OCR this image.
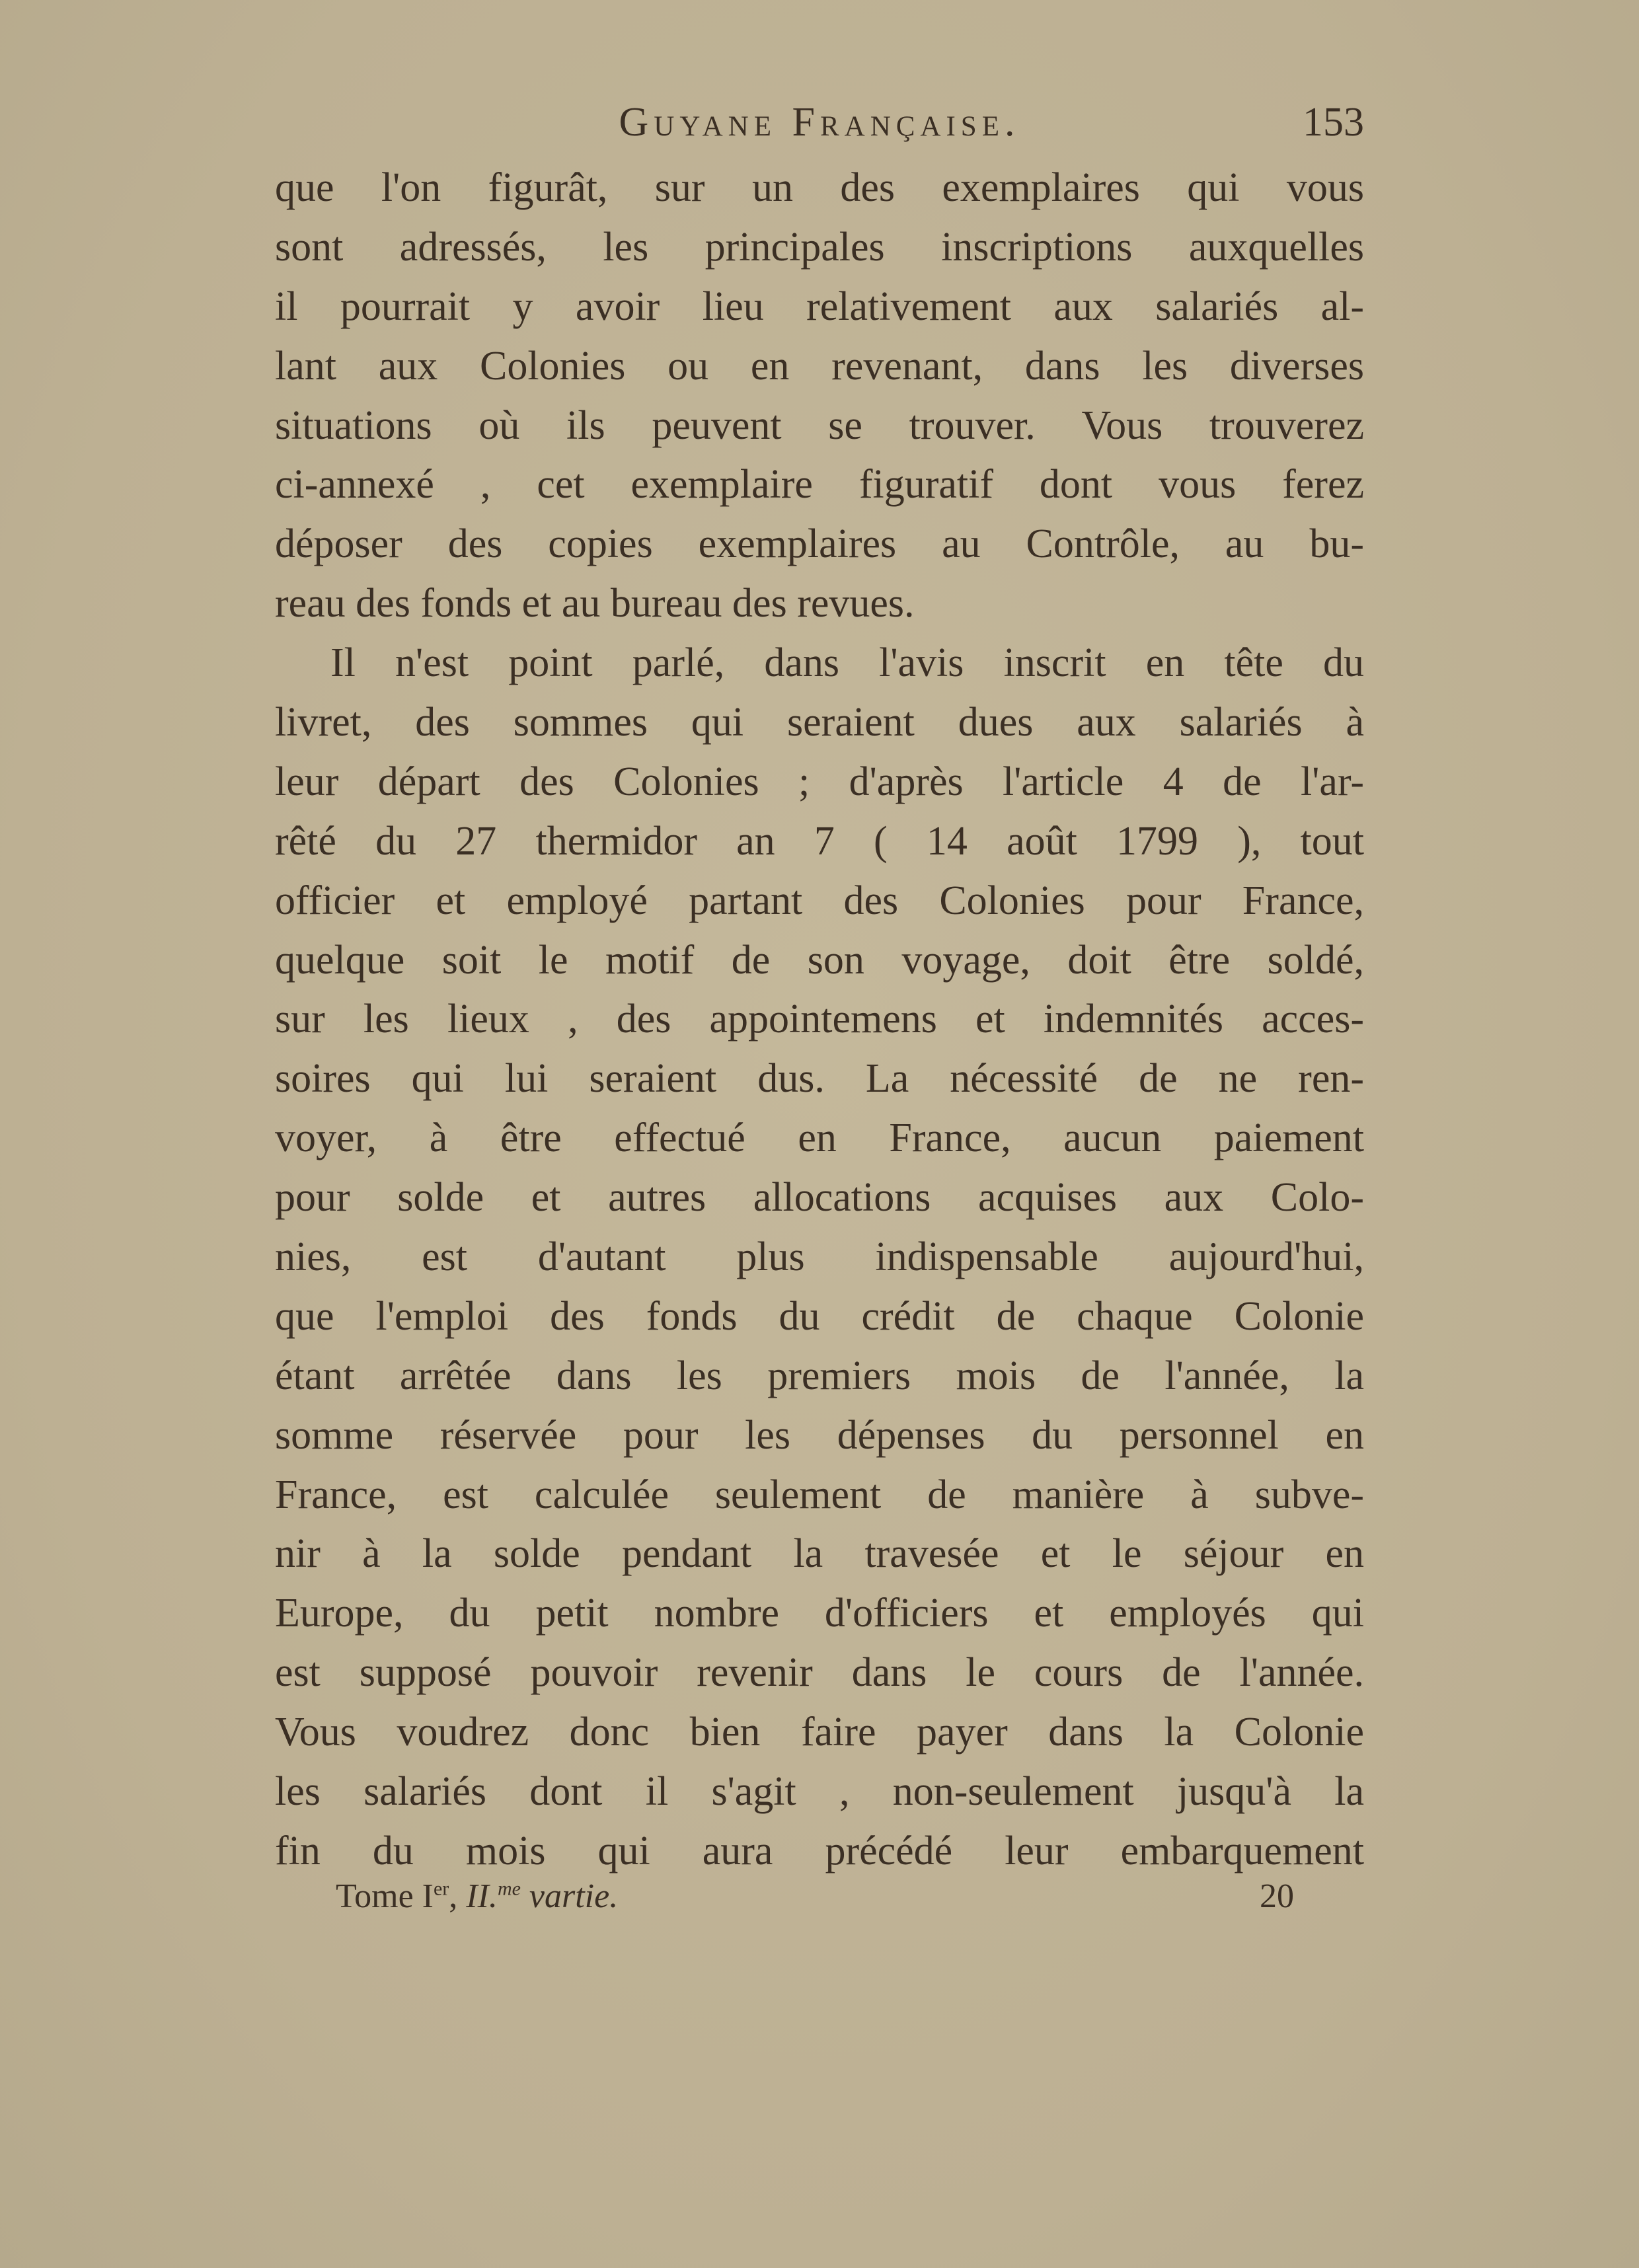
Guyane Française.	153
que l'on figurât, sur un des exemplaires qui vous
sont adressés, les principales inscriptions auxquelles
il pourrait y avoir lieu relativement aux salariés al-
lant aux Colonies ou en revenant, dans les diverses
situations où ils peuvent se trouver. Vous trouverez
ci-annexé , cet exemplaire figuratif dont vous ferez
déposer des copies exemplaires au Contrôle, au bu-
reau des fonds et au bureau des revues.
Il n'est point parlé, dans l'avis inscrit en tête du
livret, des sommes qui seraient dues aux salariés à
leur départ des Colonies ; d'après l'article 4 de l'ar-
rêté du 27 thermidor an 7 ( 14 août 1799 ), tout
officier et employé partant des Colonies pour France,
quelque soit le motif de son voyage, doit être soldé,
sur les lieux , des appointemens et indemnités acces-
soires qui lui seraient dus. La nécessité de ne ren-
voyer, à être effectué en France, aucun paiement
pour solde et autres allocations acquises aux Colo-
nies, est d'autant plus indispensable aujourd'hui,
que l'emploi des fonds du crédit de chaque Colonie
étant arrêtée dans les premiers mois de l'année, la
somme réservée pour les dépenses du personnel en
France, est calculée seulement de manière à subve-
nir à la solde pendant la travesée et le séjour en
Europe, du petit nombre d'officiers et employés qui
est supposé pouvoir revenir dans le cours de l'année.
Vous voudrez donc bien faire payer dans la Colonie
les salariés dont il s'agit , non-seulement jusqu'à la
fin du mois qui aura précédé leur embarquement
Tome Ier, II.$^{me}$ vartie.	20
